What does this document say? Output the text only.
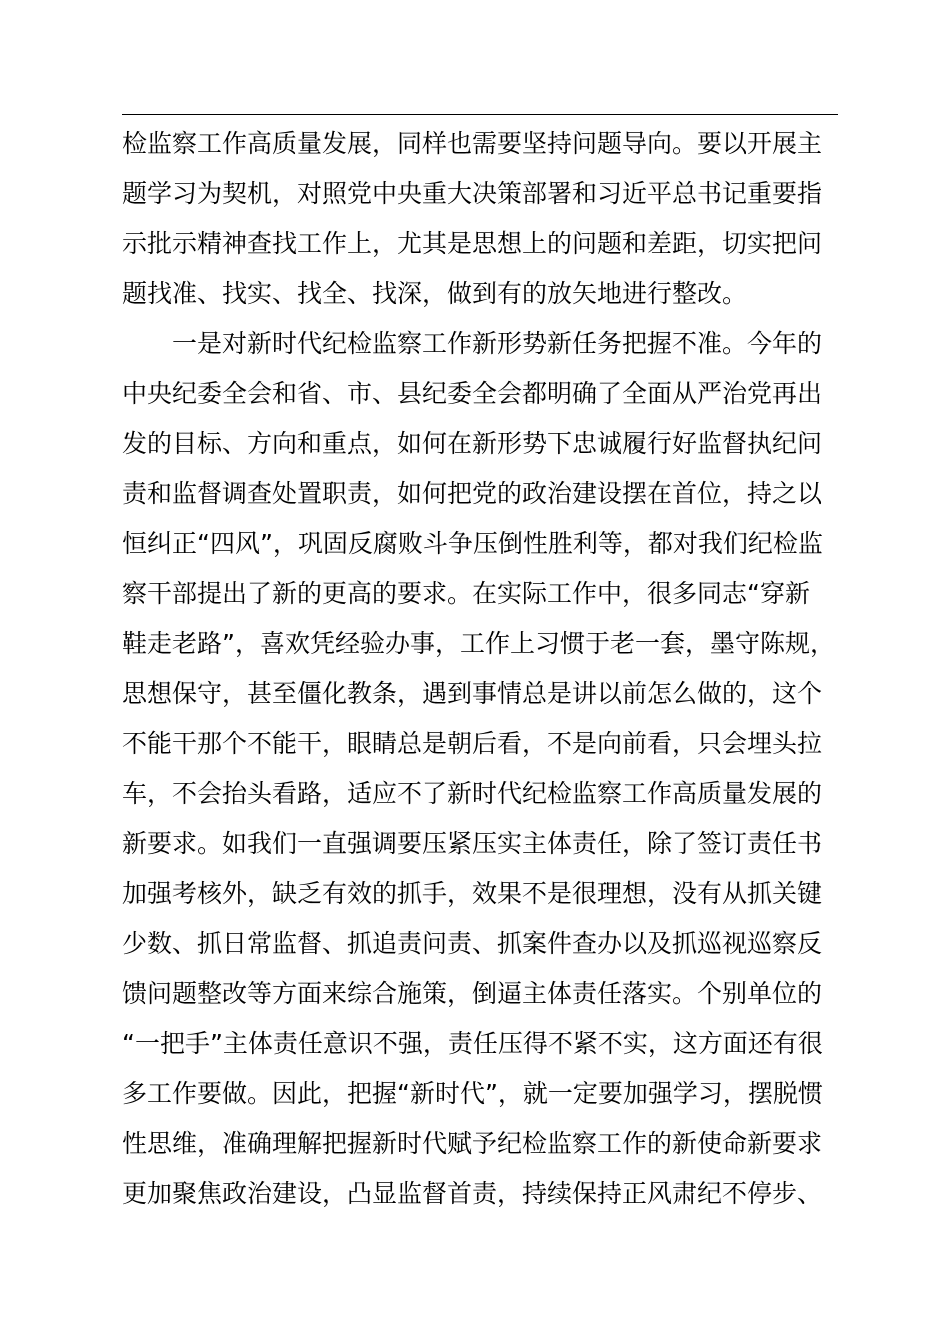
检监察工作高质量发展，同样也需要坚持问题导向。要以开展主
题学习为契机，对照党中央重大决策部署和习近平总书记重要指
示批示精神查找工作上，尤其是思想上的问题和差距，切实把问
题找准、找实、找全、找深，做到有的放矢地进行整改。
　　一是对新时代纪检监察工作新形势新任务把握不准。今年的
中央纪委全会和省、市、县纪委全会都明确了全面从严治党再出
发的目标、方向和重点，如何在新形势下忠诚履行好监督执纪问
责和监督调查处置职责，如何把党的政治建设摆在首位，持之以
恒纠正“四风”，巩固反腐败斗争压倒性胜利等，都对我们纪检监
察干部提出了新的更高的要求。在实际工作中，很多同志“穿新
鞋走老路”，喜欢凭经验办事，工作上习惯于老一套，墨守陈规，
思想保守，甚至僵化教条，遇到事情总是讲以前怎么做的，这个
不能干那个不能干，眼睛总是朝后看，不是向前看，只会埋头拉
车，不会抬头看路，适应不了新时代纪检监察工作高质量发展的
新要求。如我们一直强调要压紧压实主体责任，除了签订责任书
加强考核外，缺乏有效的抓手，效果不是很理想，没有从抓关键
少数、抓日常监督、抓追责问责、抓案件查办以及抓巡视巡察反
馈问题整改等方面来综合施策，倒逼主体责任落实。个别单位的
“一把手”主体责任意识不强，责任压得不紧不实，这方面还有很
多工作要做。因此，把握“新时代”，就一定要加强学习，摆脱惯
性思维，准确理解把握新时代赋予纪检监察工作的新使命新要求
更加聚焦政治建设，凸显监督首责，持续保持正风肃纪不停步、
